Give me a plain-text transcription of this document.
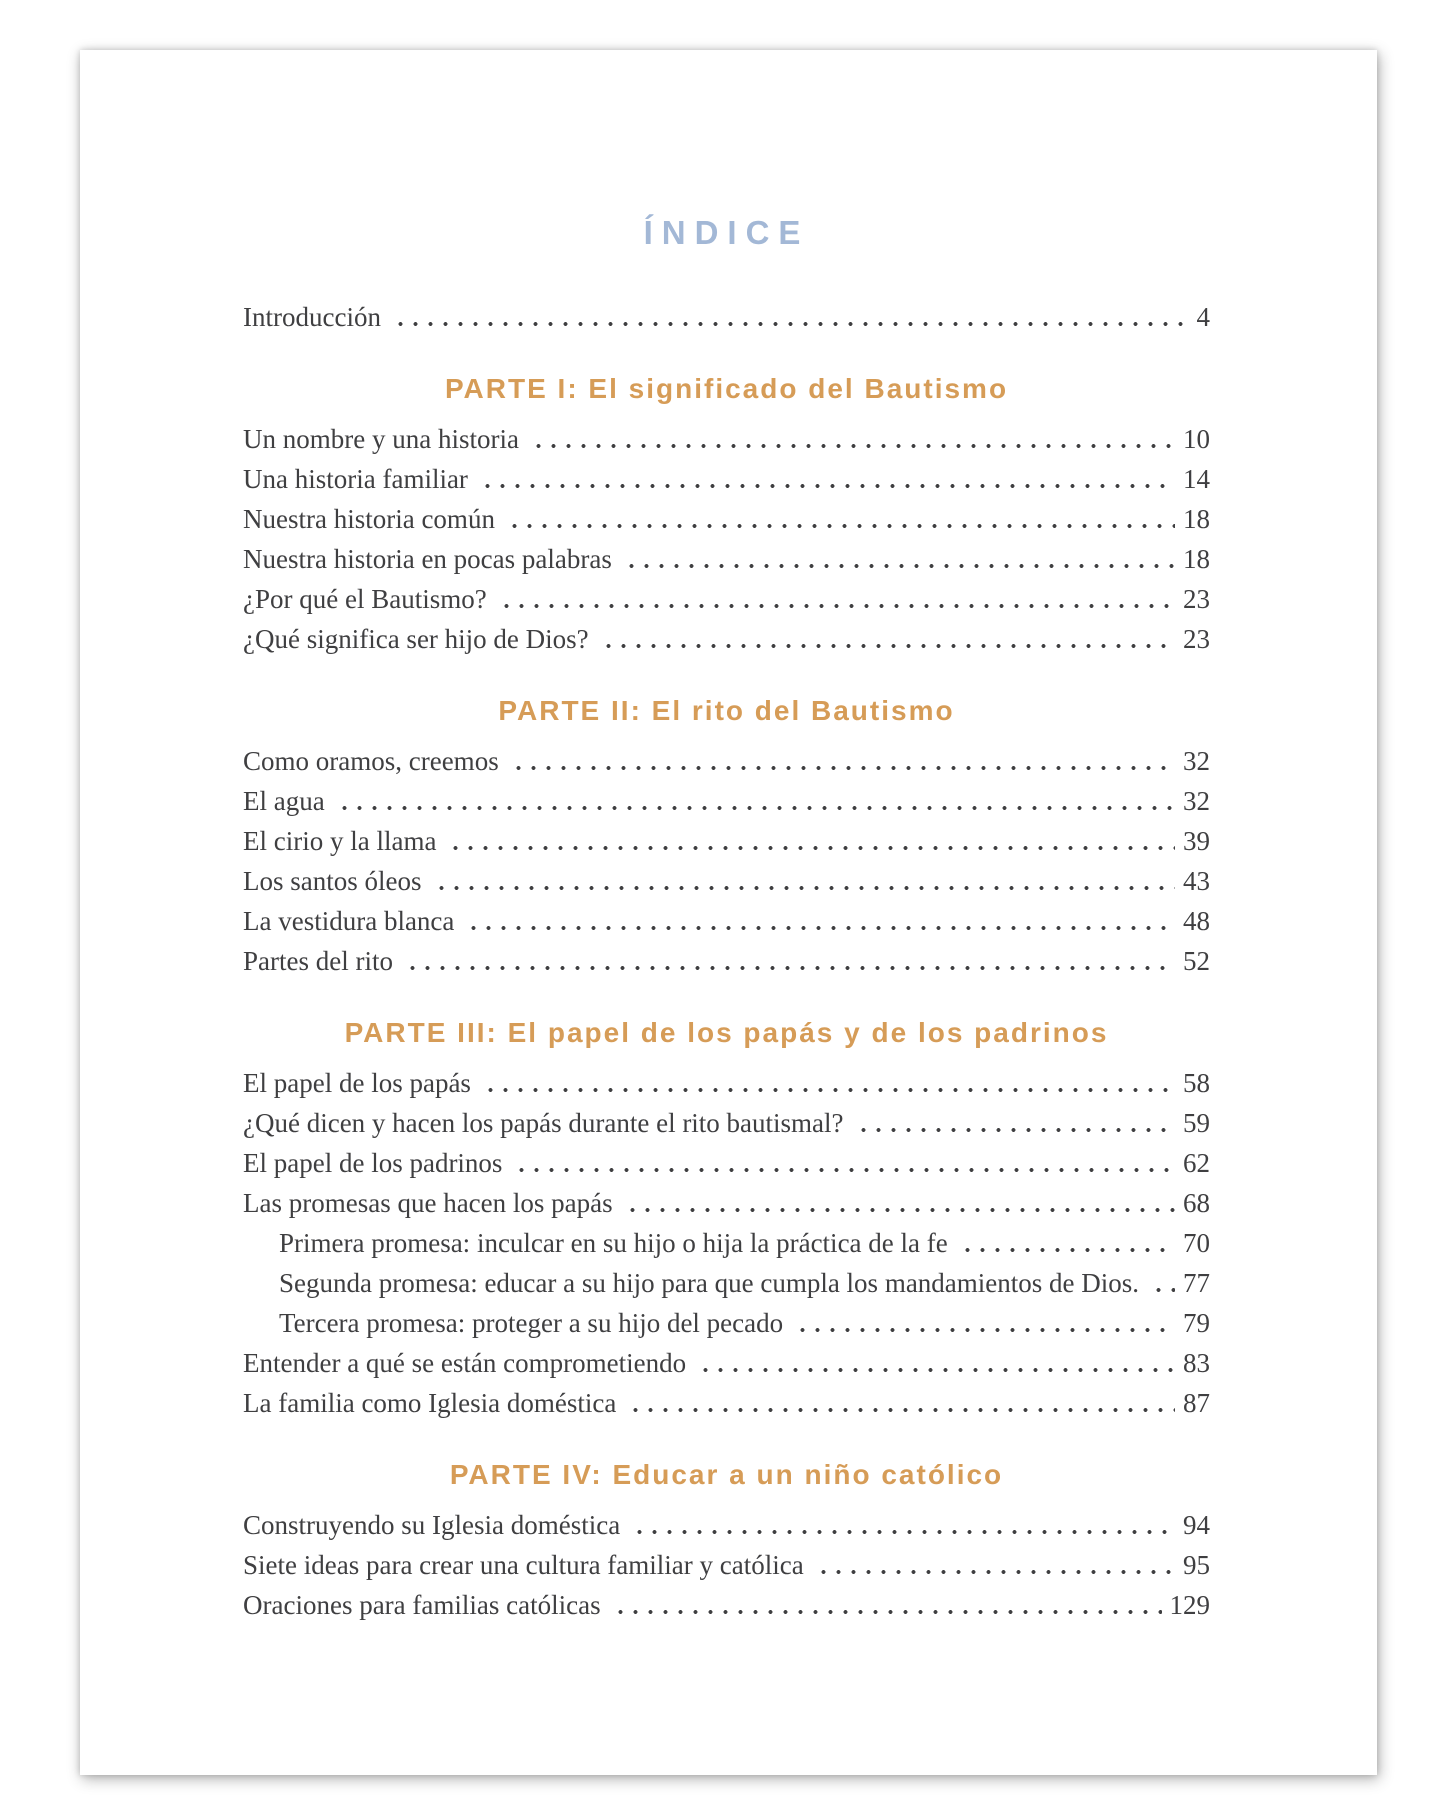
ÍNDICE
Introducción	4
PARTE I: El significado del Bautismo
Un nombre y una historia	10
Una historia familiar	14
Nuestra historia común	18
Nuestra historia en pocas palabras	18
¿Por qué el Bautismo?	23
¿Qué significa ser hijo de Dios?	23
PARTE II: El rito del Bautismo
Como oramos, creemos	32
El agua	32
El cirio y la llama	39
Los santos óleos	43
La vestidura blanca	48
Partes del rito	52
PARTE III: El papel de los papás y de los padrinos
El papel de los papás	58
¿Qué dicen y hacen los papás durante el rito bautismal?	59
El papel de los padrinos	62
Las promesas que hacen los papás	68
Primera promesa: inculcar en su hijo o hija la práctica de la fe	70
Segunda promesa: educar a su hijo para que cumpla los mandamientos de Dios. 77
Tercera promesa: proteger a su hijo del pecado	79
Entender a qué se están comprometiendo	83
La familia como Iglesia doméstica	87
PARTE IV: Educar a un niño católico
Construyendo su Iglesia doméstica	94
Siete ideas para crear una cultura familiar y católica	95
Oraciones para familias católicas	129
